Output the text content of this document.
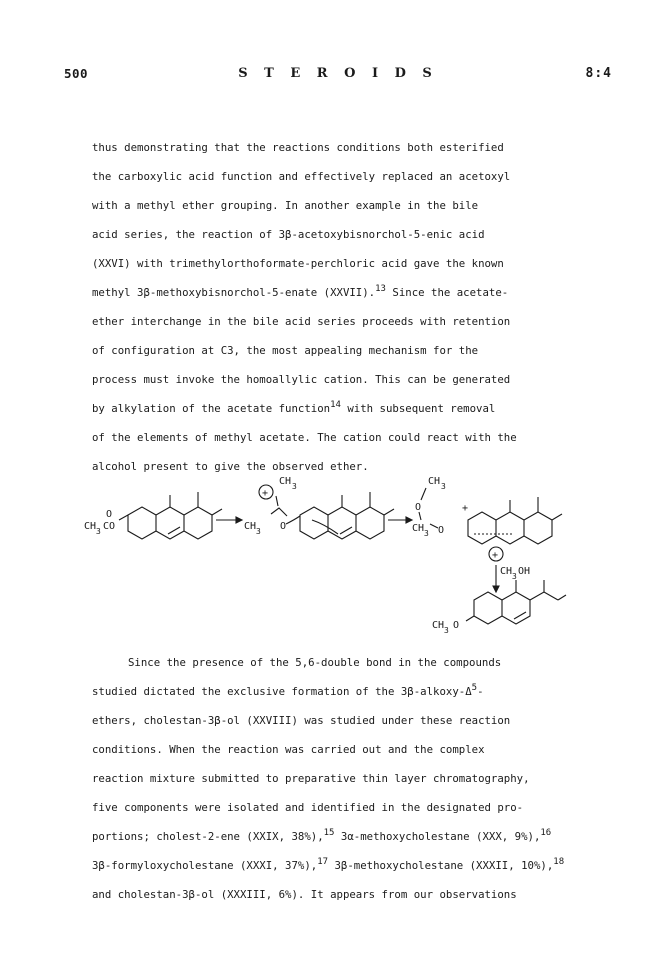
500	S T E R O I D S	8:4
thus demonstrating that the reactions conditions both esterified
the carboxylic acid function and effectively replaced an acetoxyl
with a methyl ether grouping. In another example in the bile
acid series, the reaction of 3β-acetoxybisnorchol-5-enic acid
(XXVI) with trimethylorthoformate-perchloric acid gave the known
methyl 3β-methoxybisnorchol-5-enate (XXVII).$^{13}$ Since the acetate-
ether interchange in the bile acid series proceeds with retention
of configuration at C3, the most appealing mechanism for the
process must invoke the homoallylic cation. This can be generated
by alkylation of the acetate function$^{14}$ with subsequent removal
of the elements of methyl acetate. The cation could react with the
alcohol present to give the observed ether.
CH 3 CO
O
+
CH 3
CH 3 O
CH 3
O
CH 3 O
+
+
CH 3 OH
CH 3 O
Since the presence of the 5,6-double bond in the compounds
studied dictated the exclusive formation of the $3\beta-alkoxy-\Delta^5-$
ethers, cholestan-3β-ol (XXVIII) was studied under these reaction
conditions. When the reaction was carried out and the complex
reaction mixture submitted to preparative thin layer chromatography,
five components were isolated and identified in the designated pro-
portions; cholest-2-ene (XXIX, 38%),$^{15}$ 3α-methoxycholestane (XXX, 9%),$^{16}$
3β-formyloxycholestane (XXXI, 37%),$^{17}$ 3β-methoxycholestane (XXXII, 10%),$^{18}$
and cholestan-3β-ol (XXXIII, 6%). It appears from our observations
